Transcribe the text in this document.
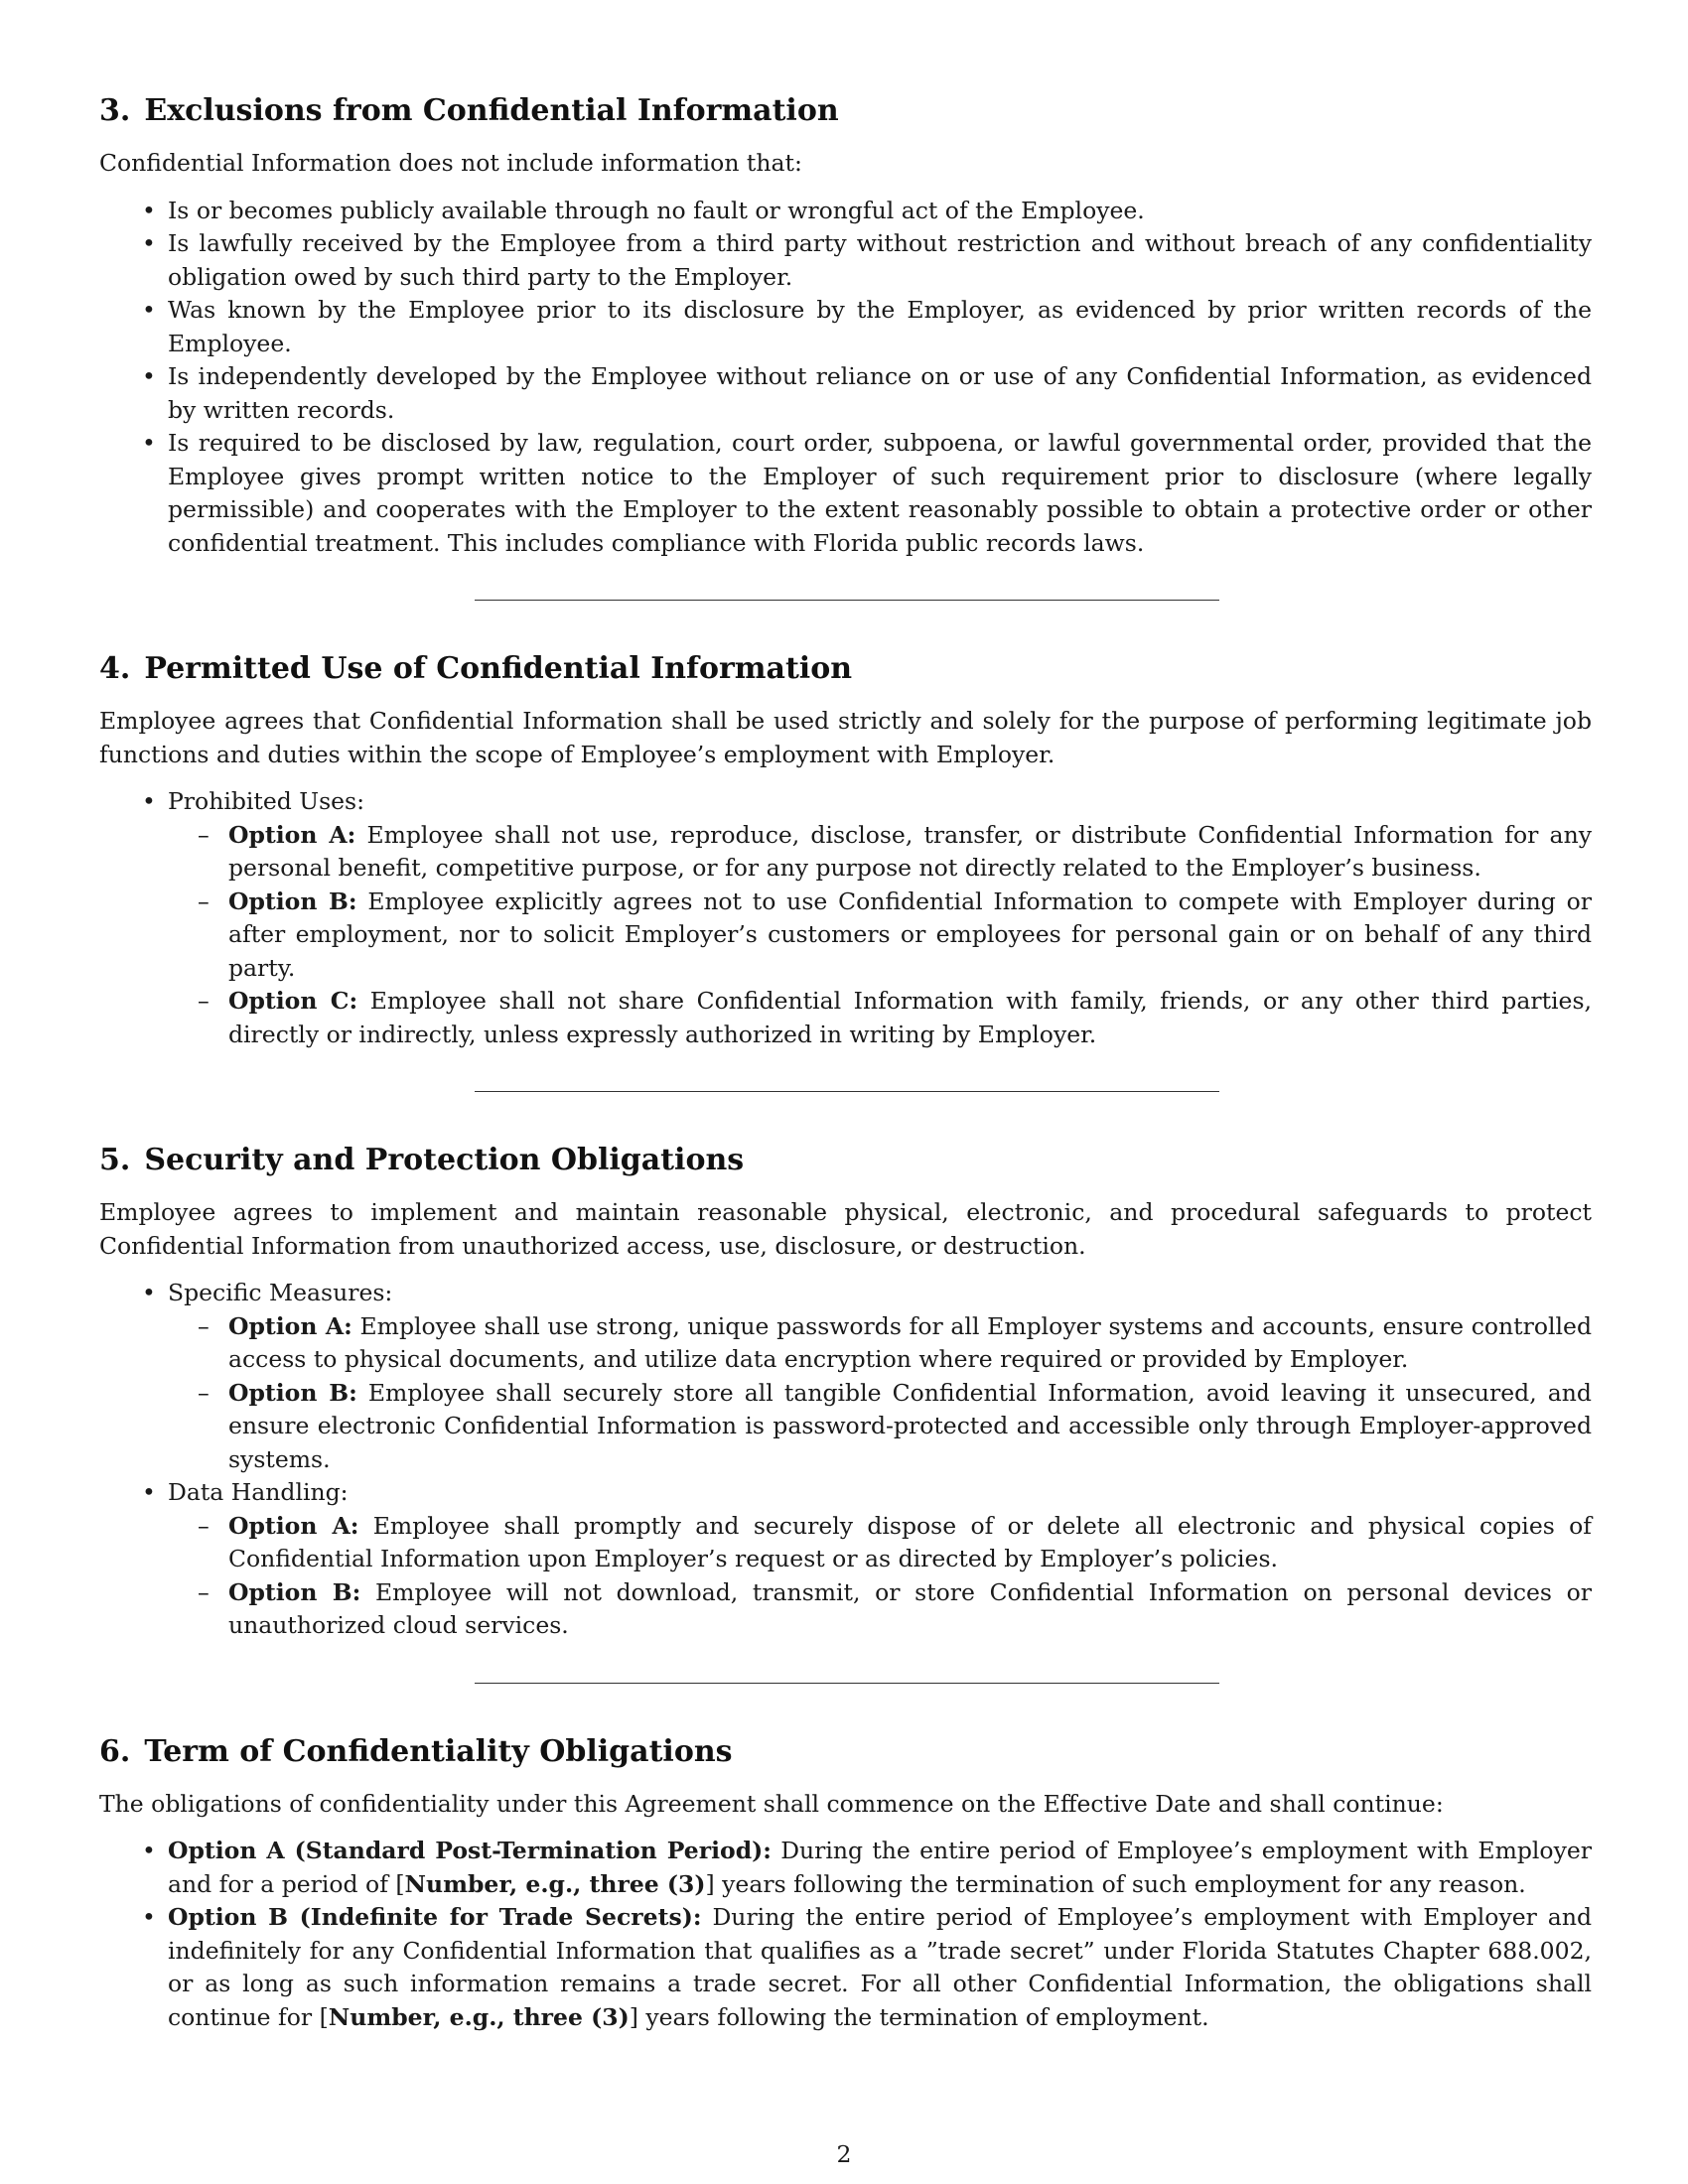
3. Exclusions from Confidential Information

Confidential Information does not include information that:

• Is or becomes publicly available through no fault or wrongful act of the Employee.
• Is lawfully received by the Employee from a third party without restriction and without breach of any confidentiality obligation owed by such third party to the Employer.
• Was known by the Employee prior to its disclosure by the Employer, as evidenced by prior written records of the Employee.
• Is independently developed by the Employee without reliance on or use of any Confidential Information, as evidenced by written records.
• Is required to be disclosed by law, regulation, court order, subpoena, or lawful governmental order, provided that the Employee gives prompt written notice to the Employer of such requirement prior to disclosure (where legally permissible) and cooperates with the Employer to the extent reasonably possible to obtain a protective order or other confidential treatment. This includes compliance with Florida public records laws.
4. Permitted Use of Confidential Information

Employee agrees that Confidential Information shall be used strictly and solely for the purpose of performing legitimate job functions and duties within the scope of Employee’s employment with Employer.

• Prohibited Uses:
– Option A: Employee shall not use, reproduce, disclose, transfer, or distribute Confidential Information for any personal benefit, competitive purpose, or for any purpose not directly related to the Employer’s business.
– Option B: Employee explicitly agrees not to use Confidential Information to compete with Employer during or after employment, nor to solicit Employer’s customers or employees for personal gain or on behalf of any third party.
– Option C: Employee shall not share Confidential Information with family, friends, or any other third parties, directly or indirectly, unless expressly authorized in writing by Employer.
5. Security and Protection Obligations

Employee agrees to implement and maintain reasonable physical, electronic, and procedural safeguards to protect Confidential Information from unauthorized access, use, disclosure, or destruction.

• Specific Measures:
– Option A: Employee shall use strong, unique passwords for all Employer systems and accounts, ensure controlled access to physical documents, and utilize data encryption where required or provided by Employer.
– Option B: Employee shall securely store all tangible Confidential Information, avoid leaving it unsecured, and ensure electronic Confidential Information is password-protected and accessible only through Employer-approved systems.
• Data Handling:
– Option A: Employee shall promptly and securely dispose of or delete all electronic and physical copies of Confidential Information upon Employer’s request or as directed by Employer’s policies.
– Option B: Employee will not download, transmit, or store Confidential Information on personal devices or unauthorized cloud services.
6. Term of Confidentiality Obligations

The obligations of confidentiality under this Agreement shall commence on the Effective Date and shall continue:

• Option A (Standard Post-Termination Period): During the entire period of Employee’s employment with Employer and for a period of [Number, e.g., three (3)] years following the termination of such employment for any reason.
• Option B (Indefinite for Trade Secrets): During the entire period of Employee’s employment with Employer and indefinitely for any Confidential Information that qualifies as a ”trade secret” under Florida Statutes Chapter 688.002, or as long as such information remains a trade secret. For all other Confidential Information, the obligations shall continue for [Number, e.g., three (3)] years following the termination of employment.
2
